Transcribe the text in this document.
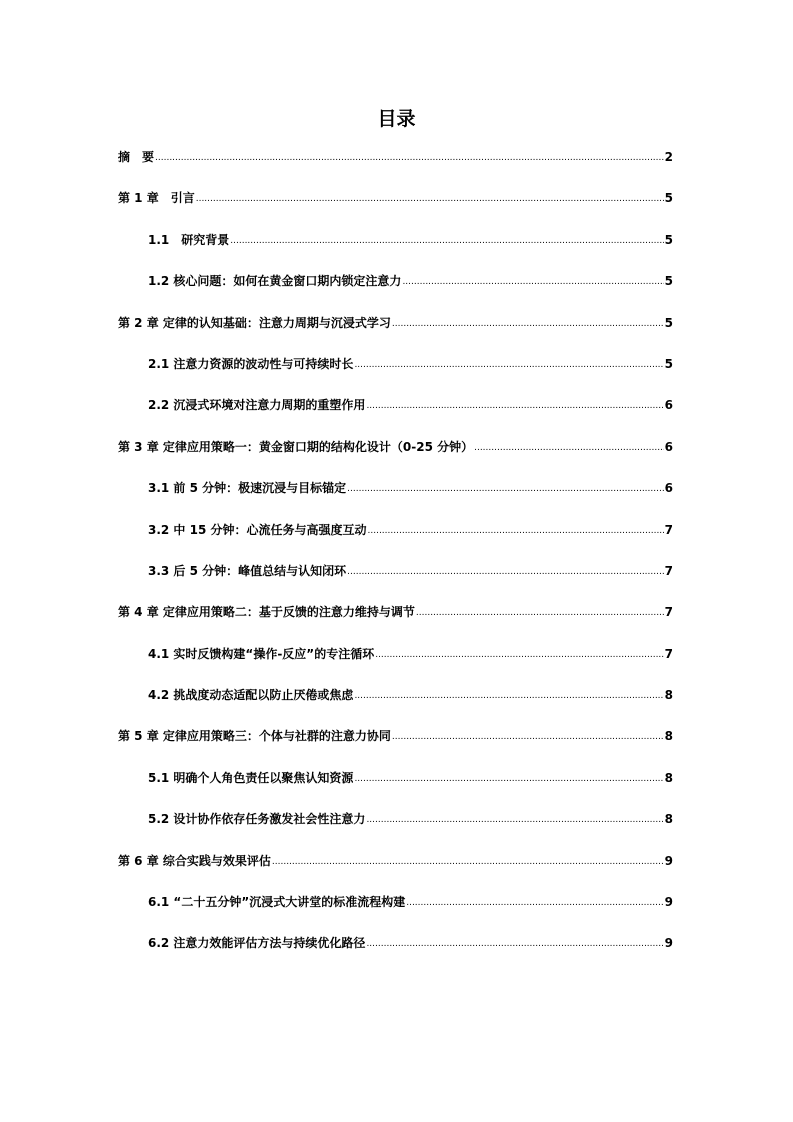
目录
摘　要 .....	2
第 1 章　引言 .....	5
1.1　研究背景 .....	5
1.2 核心问题：如何在黄金窗口期内锁定注意力 .....	5
第 2 章 定律的认知基础：注意力周期与沉浸式学习 .....	5
2.1 注意力资源的波动性与可持续时长 .....	5
2.2 沉浸式环境对注意力周期的重塑作用 .....	6
第 3 章 定律应用策略一：黄金窗口期的结构化设计（0-25 分钟） .....	6
3.1 前 5 分钟：极速沉浸与目标锚定 .....	6
3.2 中 15 分钟：心流任务与高强度互动 .....	7
3.3 后 5 分钟：峰值总结与认知闭环 .....	7
第 4 章 定律应用策略二：基于反馈的注意力维持与调节 .....	7
4.1 实时反馈构建“操作-反应”的专注循环 .....	7
4.2 挑战度动态适配以防止厌倦或焦虑 .....	8
第 5 章 定律应用策略三：个体与社群的注意力协同 .....	8
5.1 明确个人角色责任以聚焦认知资源 .....	8
5.2 设计协作依存任务激发社会性注意力 .....	8
第 6 章 综合实践与效果评估 .....	9
6.1 “二十五分钟”沉浸式大讲堂的标准流程构建 .....	9
6.2 注意力效能评估方法与持续优化路径 .....	9
